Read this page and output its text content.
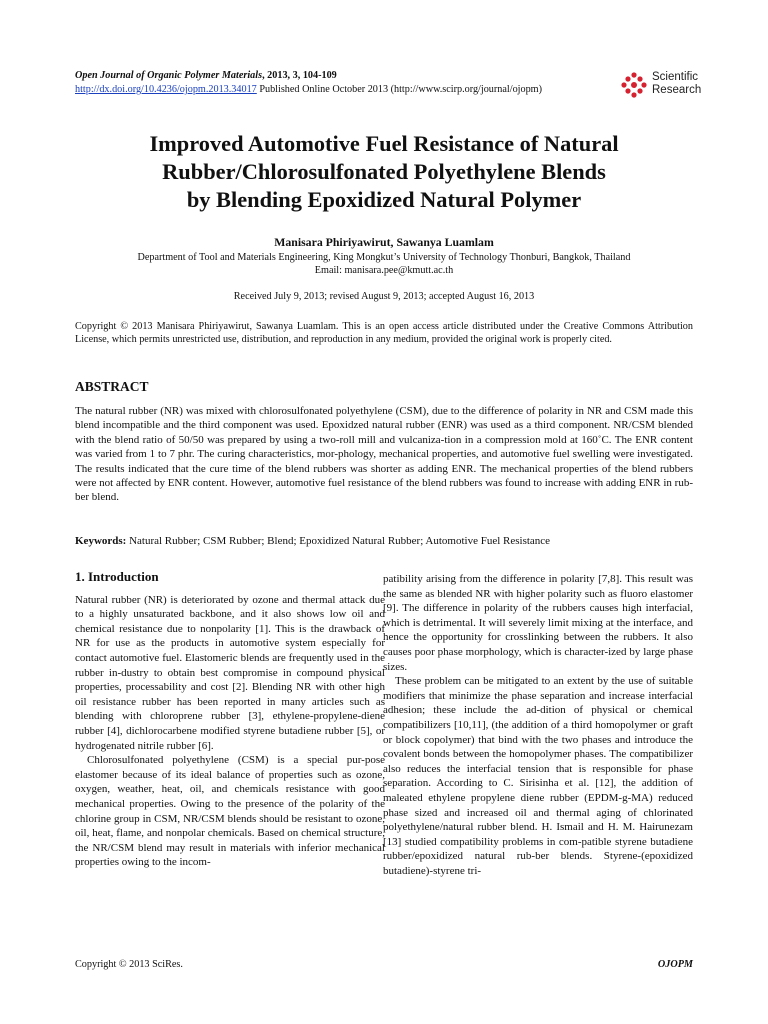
Open Journal of Organic Polymer Materials, 2013, 3, 104-109
http://dx.doi.org/10.4236/ojopm.2013.34017 Published Online October 2013 (http://www.scirp.org/journal/ojopm)
Scientific
Research
Improved Automotive Fuel Resistance of Natural
Rubber/Chlorosulfonated Polyethylene Blends
by Blending Epoxidized Natural Polymer
Manisara Phiriyawirut, Sawanya Luamlam
Department of Tool and Materials Engineering, King Mongkut’s University of Technology Thonburi, Bangkok, Thailand
Email: manisara.pee@kmutt.ac.th
Received July 9, 2013; revised August 9, 2013; accepted August 16, 2013
Copyright © 2013 Manisara Phiriyawirut, Sawanya Luamlam. This is an open access article distributed under the Creative Commons Attribution License, which permits unrestricted use, distribution, and reproduction in any medium, provided the original work is properly cited.
ABSTRACT

The natural rubber (NR) was mixed with chlorosulfonated polyethylene (CSM), due to the difference of polarity in NR and CSM made this blend incompatible and the third component was used. Epoxidzed natural rubber (ENR) was used as a third component. NR/CSM blended with the blend ratio of 50/50 was prepared by using a two-roll mill and vulcaniza-tion in a compression mold at 160˚C. The ENR content was varied from 1 to 7 phr. The curing characteristics, mor-phology, mechanical properties, and automotive fuel swelling were investigated. The results indicated that the cure time of the blend rubbers was shorter as adding ENR. The mechanical properties of the blend rubbers were not affected by ENR content. However, automotive fuel resistance of the blend rubbers was found to increase with adding ENR in rub-ber blend.

Keywords: Natural Rubber; CSM Rubber; Blend; Epoxidized Natural Rubber; Automotive Fuel Resistance
1. Introduction

Natural rubber (NR) is deteriorated by ozone and thermal attack due to a highly unsaturated backbone, and it also shows low oil and chemical resistance due to nonpolarity [1]. This is the drawback of NR for use as the products in automotive system especially for contact automotive fuel. Elastomeric blends are frequently used in the rubber in-dustry to obtain best compromise in compound physical properties, processability and cost [2]. Blending NR with other high oil resistance rubber has been reported in many articles such as blending with chloroprene rubber [3], ethylene-propylene-diene rubber [4], dichlorocarbene modified styrene butadiene rubber [5], or hydrogenated nitrile rubber [6].

Chlorosulfonated polyethylene (CSM) is a special pur-pose elastomer because of its ideal balance of properties such as ozone, oxygen, weather, heat, oil, and chemicals resistance with good mechanical properties. Owing to the presence of the polarity of the chlorine group in CSM, NR/CSM blends should be resistant to ozone, oil, heat, flame, and nonpolar chemicals. Based on chemical structure, the NR/CSM blend may result in materials with inferior mechanical properties owing to the incom-

patibility arising from the difference in polarity [7,8]. This result was the same as blended NR with higher polarity such as fluoro elastomer [9]. The difference in polarity of the rubbers causes high interfacial, which is detrimental. It will severely limit mixing at the interface, and hence the opportunity for crosslinking between the rubbers. It also causes poor phase morphology, which is character-ized by large phase sizes.

These problem can be mitigated to an extent by the use of suitable modifiers that minimize the phase separation and increase interfacial adhesion; these include the ad-dition of physical or chemical compatibilizers [10,11], (the addition of a third homopolymer or graft or block copolymer) that bind with the two phases and introduce the covalent bonds between the homopolymer phases. The compatibilizer also reduces the interfacial tension that is responsible for phase separation. According to C. Sirisinha et al. [12], the addition of maleated ethylene propylene diene rubber (EPDM-g-MA) reduced phase sized and increased oil and thermal aging of chlorinated polyethylene/natural rubber blend. H. Ismail and H. M. Hairunezam [13] studied compatibility problems in com-patible styrene butadiene rubber/epoxidized natural rub-ber blends. Styrene-(epoxidized butadiene)-styrene tri-

Copyright © 2013 SciRes.	OJOPM
